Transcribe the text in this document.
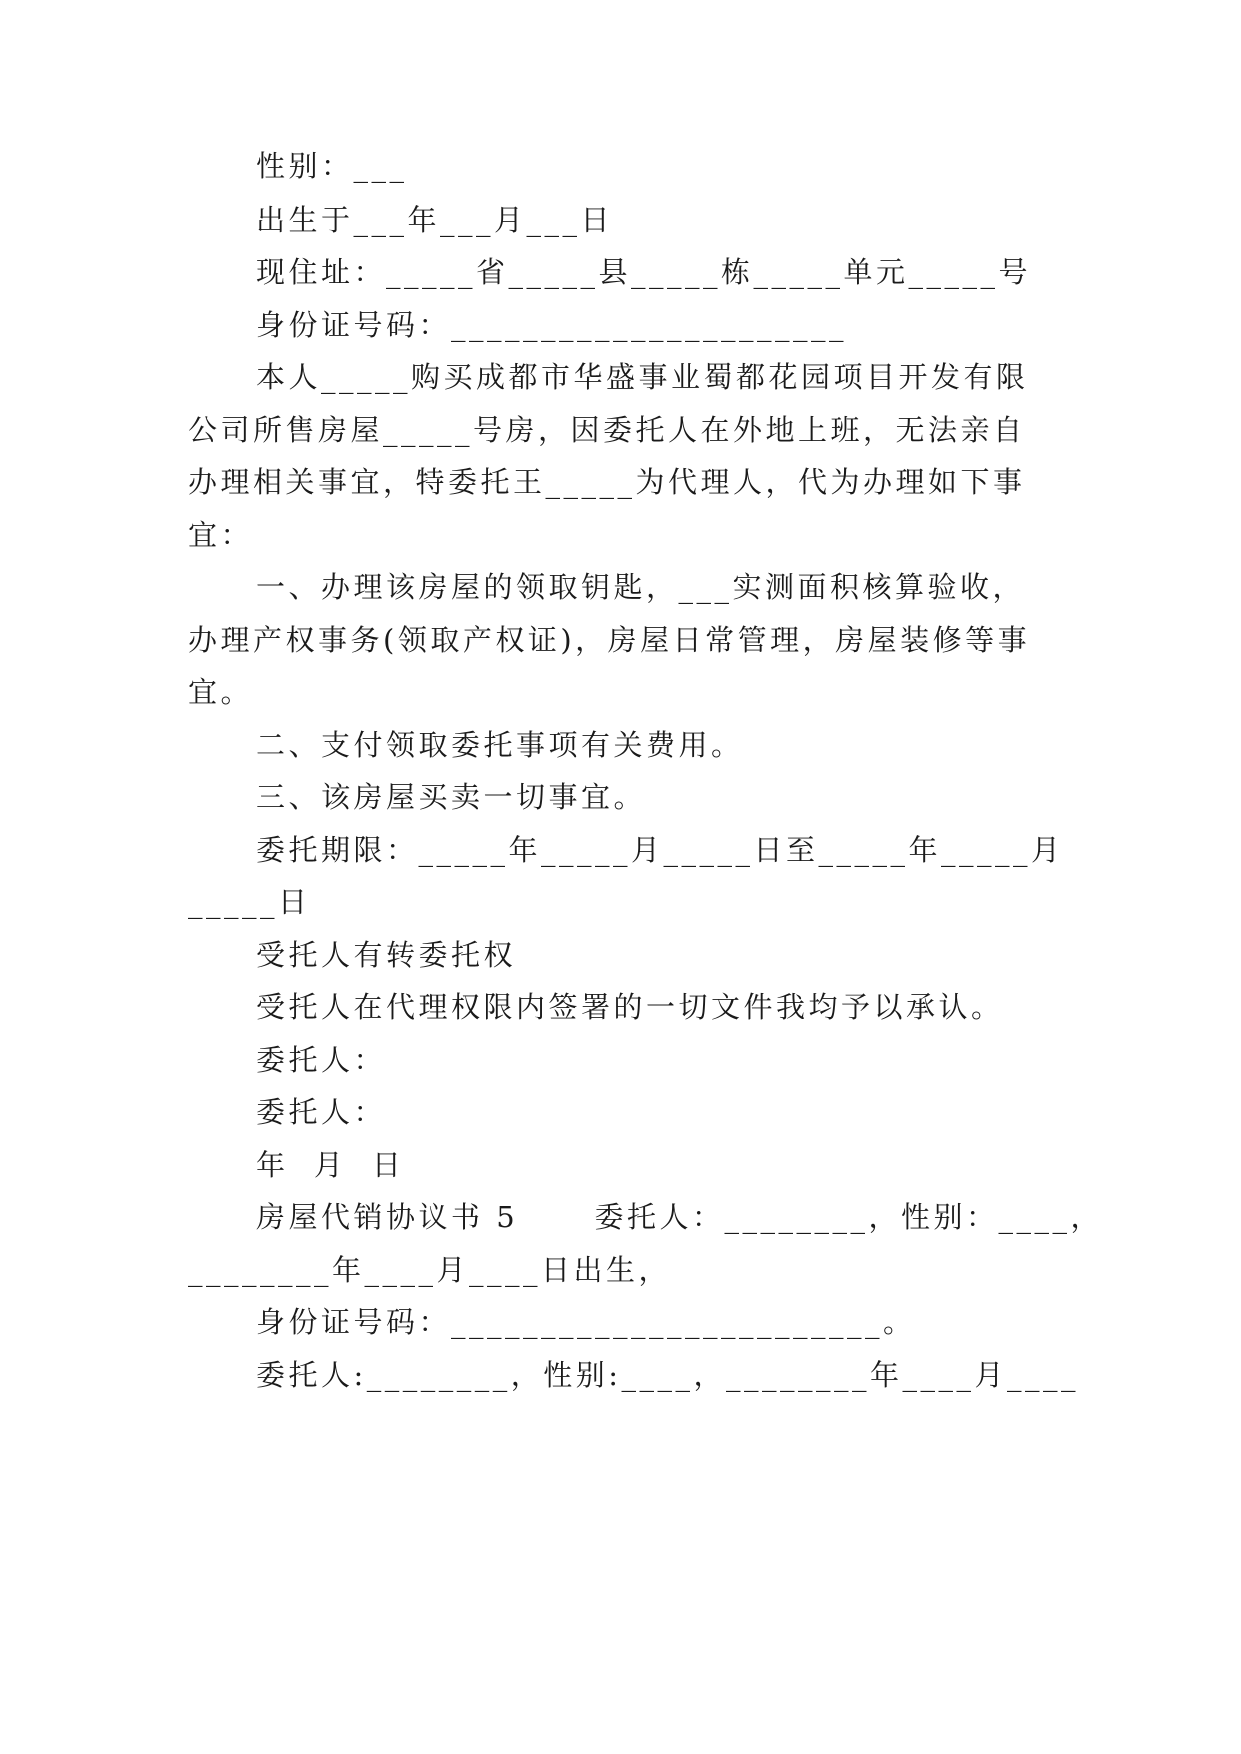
性别：___
出生于___年___月___日
现住址：_____省_____县_____栋_____单元_____号
身份证号码：______________________
本人_____购买成都市华盛事业蜀都花园项目开发有限
公司所售房屋_____号房，因委托人在外地上班，无法亲自
办理相关事宜，特委托王_____为代理人，代为办理如下事
宜：
一、办理该房屋的领取钥匙，___实测面积核算验收，
办理产权事务(领取产权证)，房屋日常管理，房屋装修等事
宜。
二、支付领取委托事项有关费用。
三、该房屋买卖一切事宜。
委托期限：_____年_____月_____日至_____年_____月
_____日
受托人有转委托权
受托人在代理权限内签署的一切文件我均予以承认。
委托人：
委托人：
年  月  日
房屋代销协议书 5      委托人：________，性别：____，
________年____月____日出生，
身份证号码：________________________。
委托人:________，性别:____，________年____月____
